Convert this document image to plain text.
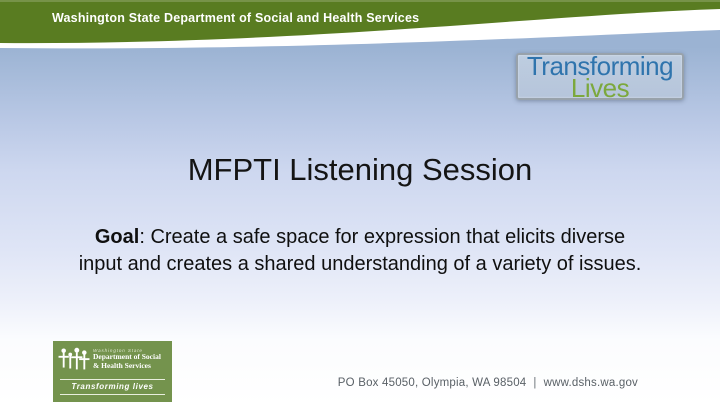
Washington State Department of Social and Health Services
Transforming
Lives
MFPTI Listening Session
Goal: Create a safe space for expression that elicits diverse
input and creates a shared understanding of a variety of issues.
Washington State
Department of Social
& Health Services
Transforming lives	PO Box 45050, Olympia, WA 98504 | www.dshs.wa.gov
